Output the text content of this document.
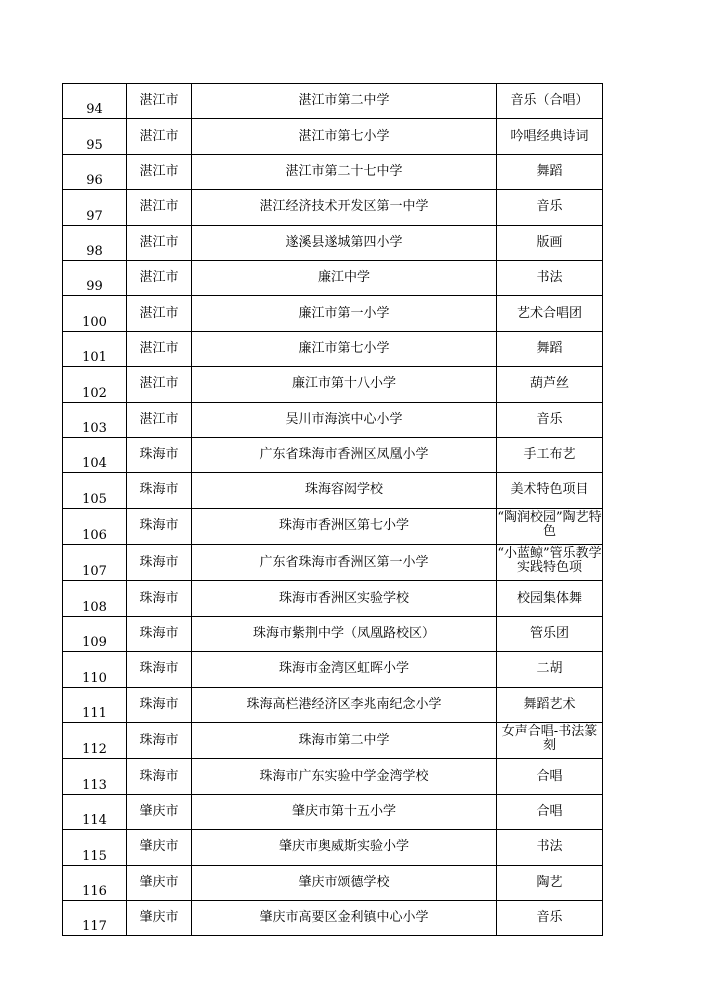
94	湛江市	湛江市第二中学	音乐（合唱）
95	湛江市	湛江市第七小学	吟唱经典诗词
96	湛江市	湛江市第二十七中学	舞蹈
97	湛江市	湛江经济技术开发区第一中学	音乐
98	湛江市	遂溪县遂城第四小学	版画
99	湛江市	廉江中学	书法
100	湛江市	廉江市第一小学	艺术合唱团
101	湛江市	廉江市第七小学	舞蹈
102	湛江市	廉江市第十八小学	葫芦丝
103	湛江市	吴川市海滨中心小学	音乐
104	珠海市	广东省珠海市香洲区凤凰小学	手工布艺
105	珠海市	珠海容闳学校	美术特色项目
106	珠海市	珠海市香洲区第七小学	“陶润校园”陶艺特色
107	珠海市	广东省珠海市香洲区第一小学	“小蓝鲸”管乐教学实践特色项
108	珠海市	珠海市香洲区实验学校	校园集体舞
109	珠海市	珠海市紫荆中学（凤凰路校区）	管乐团
110	珠海市	珠海市金湾区虹晖小学	二胡
111	珠海市	珠海高栏港经济区李兆南纪念小学	舞蹈艺术
112	珠海市	珠海市第二中学	女声合唱-书法篆刻
113	珠海市	珠海市广东实验中学金湾学校	合唱
114	肇庆市	肇庆市第十五小学	合唱
115	肇庆市	肇庆市奥威斯实验小学	书法
116	肇庆市	肇庆市颂德学校	陶艺
117	肇庆市	肇庆市高要区金利镇中心小学	音乐
